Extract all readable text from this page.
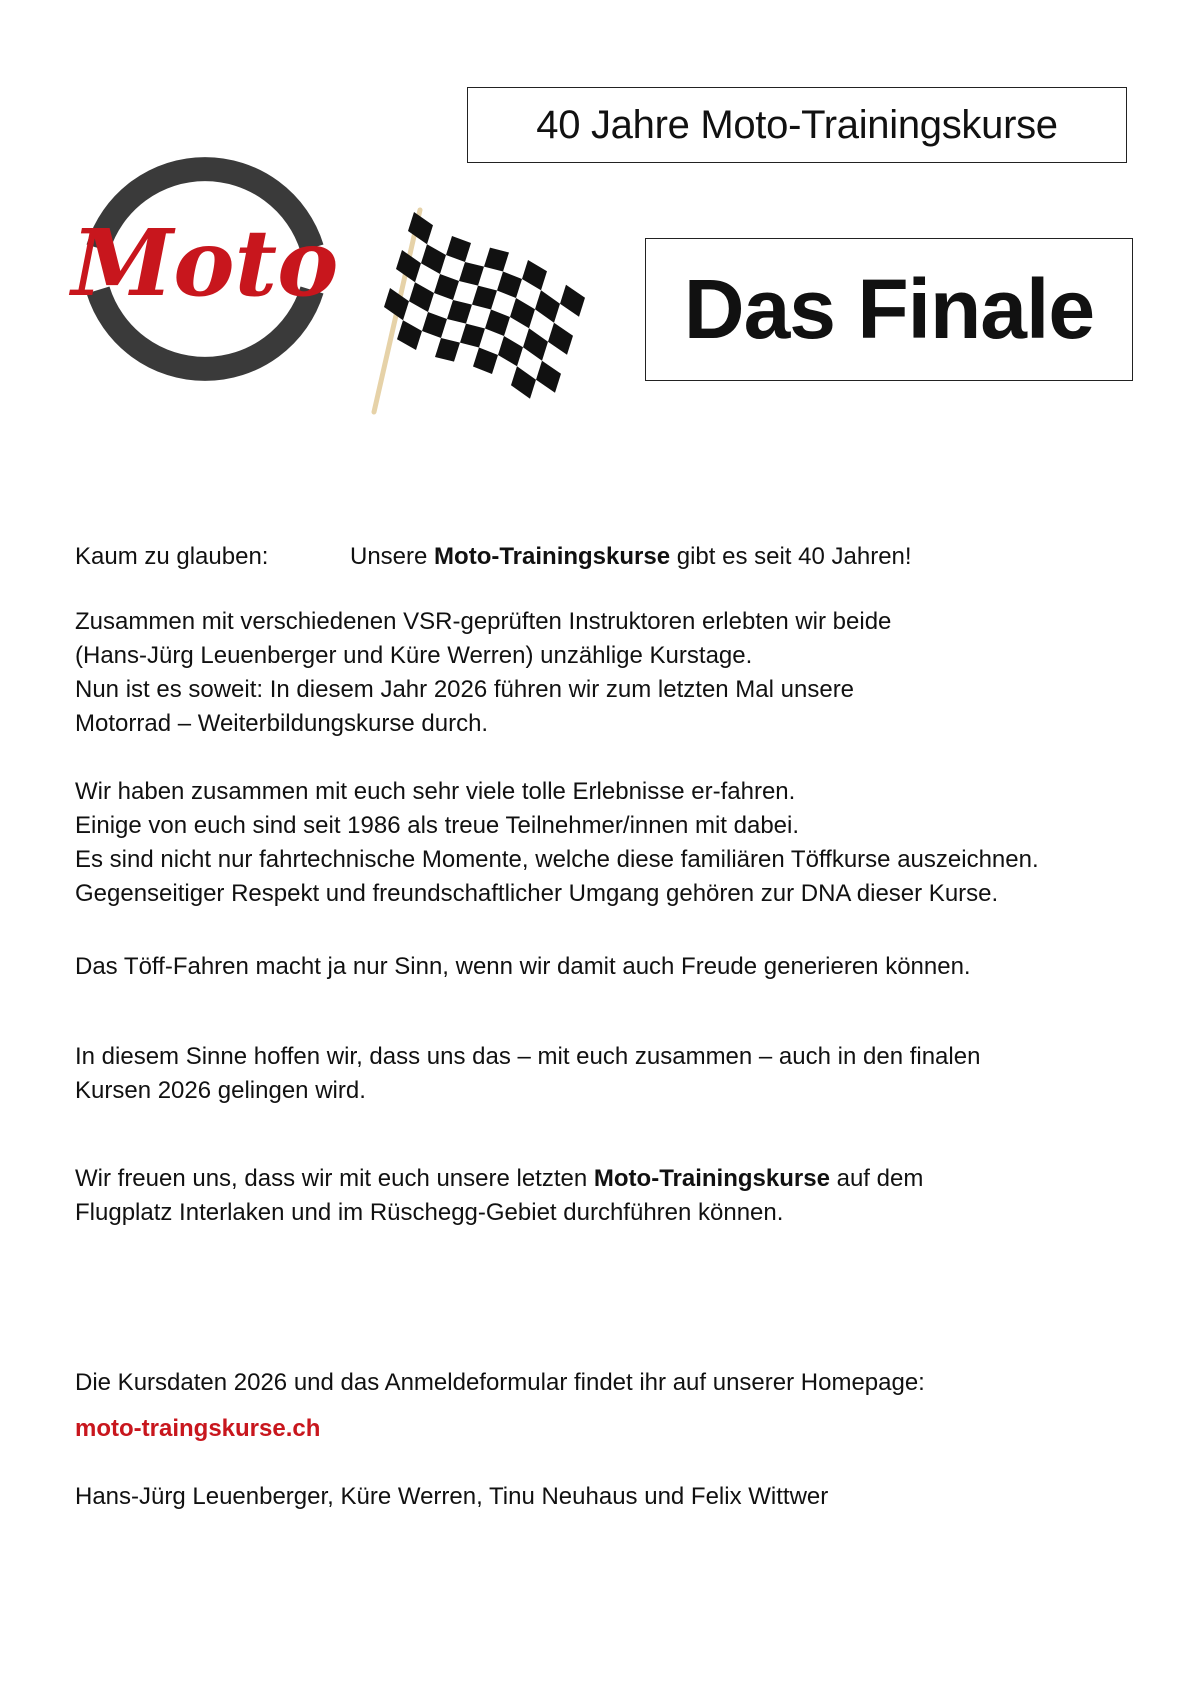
Moto
40 Jahre Moto-Trainingskurse
Das Finale

Kaum zu glauben:	Unsere Moto-Trainingskurse gibt es seit 40 Jahren!

Zusammen mit verschiedenen VSR-geprüften Instruktoren erlebten wir beide
(Hans-Jürg Leuenberger und Küre Werren) unzählige Kurstage.
Nun ist es soweit: In diesem Jahr 2026 führen wir zum letzten Mal unsere
Motorrad – Weiterbildungskurse durch.

Wir haben zusammen mit euch sehr viele tolle Erlebnisse er-fahren.
Einige von euch sind seit 1986 als treue Teilnehmer/innen mit dabei.
Es sind nicht nur fahrtechnische Momente, welche diese familiären Töffkurse auszeichnen.
Gegenseitiger Respekt und freundschaftlicher Umgang gehören zur DNA dieser Kurse.

Das Töff-Fahren macht ja nur Sinn, wenn wir damit auch Freude generieren können.

In diesem Sinne hoffen wir, dass uns das – mit euch zusammen – auch in den finalen
Kursen 2026 gelingen wird.

Wir freuen uns, dass wir mit euch unsere letzten Moto-Trainingskurse auf dem
Flugplatz Interlaken und im Rüschegg-Gebiet durchführen können.

Die Kursdaten 2026 und das Anmeldeformular findet ihr auf unserer Homepage:

moto-traingskurse.ch

Hans-Jürg Leuenberger, Küre Werren, Tinu Neuhaus und Felix Wittwer
